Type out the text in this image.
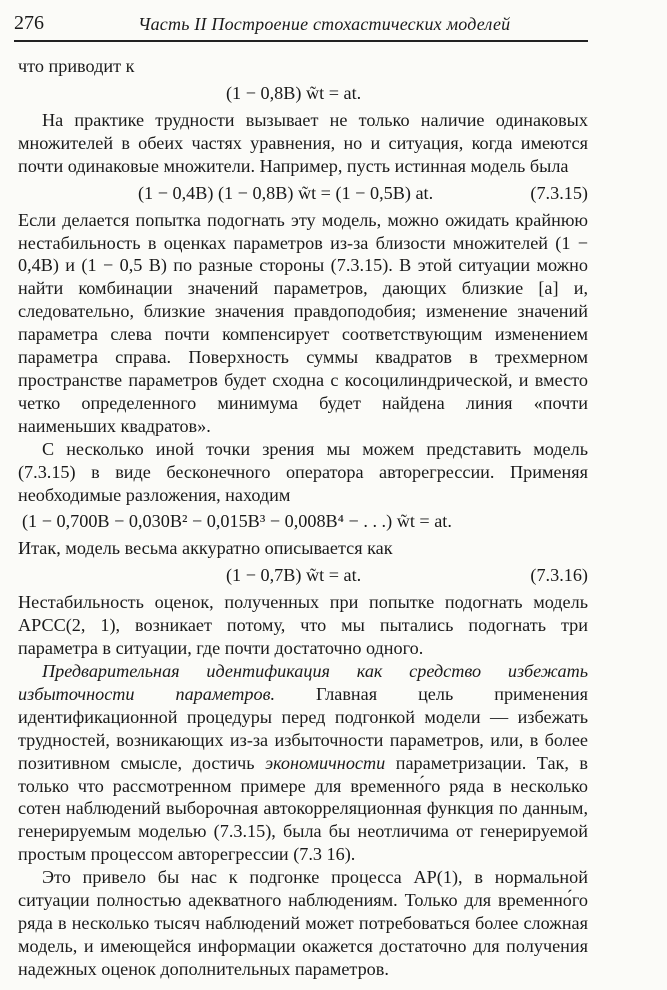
276	Часть II Построение стохастических моделей

что приводит к

(1 − 0,8B) w̃t = at.

На практике трудности вызывает не только наличие одинаковых множителей в обеих частях уравнения, но и ситуация, когда имеются почти одинаковые множители. Например, пусть истинная модель была

(1 − 0,4B) (1 − 0,8B) w̃t = (1 − 0,5B) at.	(7.3.15)

Если делается попытка подогнать эту модель, можно ожидать крайнюю нестабильность в оценках параметров из-за близости множителей (1 − 0,4B) и (1 − 0,5 B) по разные стороны (7.3.15). В этой ситуации можно найти комбинации значений параметров, дающих близкие [a] и, следовательно, близкие значения правдоподобия; изменение значений параметра слева почти компенсирует соответствующим изменением параметра справа. Поверхность суммы квадратов в трехмерном пространстве параметров будет сходна с косоцилиндрической, и вместо четко определенного минимума будет найдена линия «почти наименьших квадратов».

С несколько иной точки зрения мы можем представить модель (7.3.15) в виде бесконечного оператора авторегрессии. Применяя необходимые разложения, находим

(1 − 0,700B − 0,030B² − 0,015B³ − 0,008B⁴ − . . .) w̃t = at.

Итак, модель весьма аккуратно описывается как

(1 − 0,7B) w̃t = at.	(7.3.16)

Нестабильность оценок, полученных при попытке подогнать модель АРСС(2, 1), возникает потому, что мы пытались подогнать три параметра в ситуации, где почти достаточно одного.

Предварительная идентификация как средство избежать избыточности параметров. Главная цель применения идентификационной процедуры перед подгонкой модели — избежать трудностей, возникающих из-за избыточности параметров, или, в более позитивном смысле, достичь экономичности параметризации. Так, в только что рассмотренном примере для временно́го ряда в несколько сотен наблюдений выборочная автокорреляционная функция по данным, генерируемым моделью (7.3.15), была бы неотличима от генерируемой простым процессом авторегрессии (7.3 16).

Это привело бы нас к подгонке процесса АР(1), в нормальной ситуации полностью адекватного наблюдениям. Только для временно́го ряда в несколько тысяч наблюдений может потребоваться более сложная модель, и имеющейся информации окажется достаточно для получения надежных оценок дополнительных параметров.
